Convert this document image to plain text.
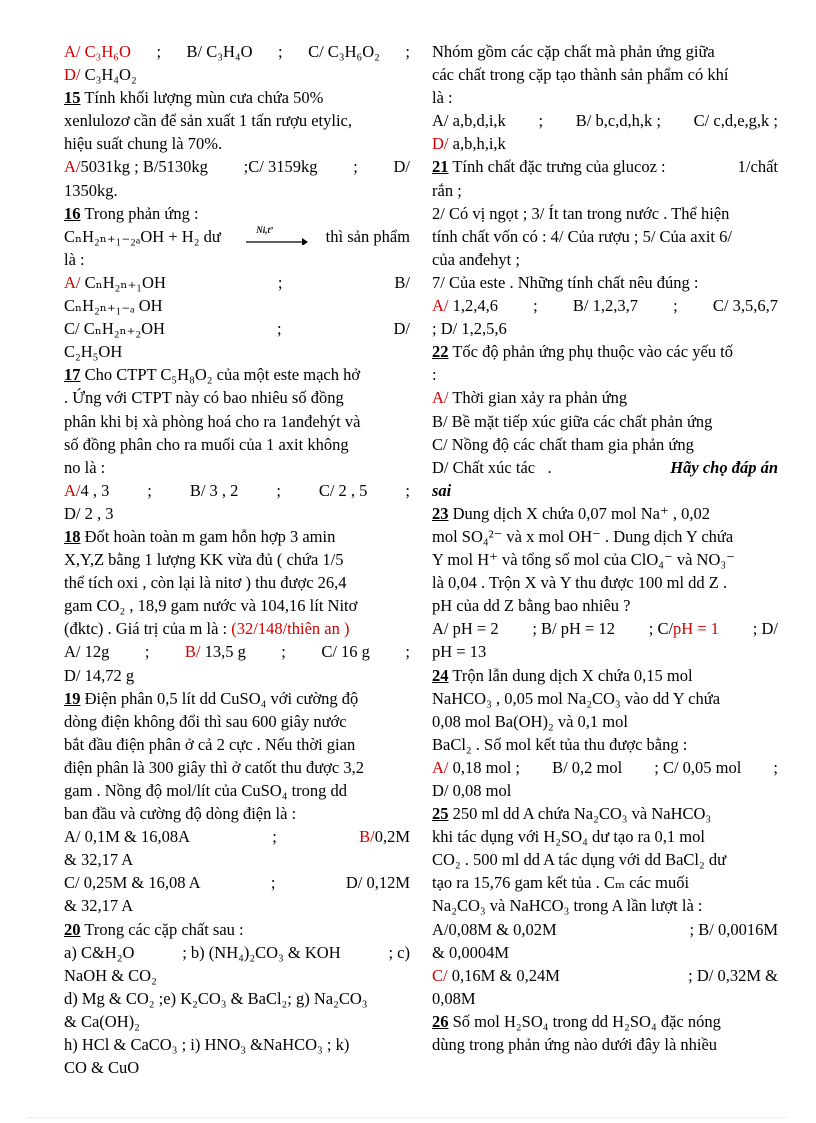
A/ C₃H₆O ; B/ C₃H₄O ; C/ C₃H₆O₂ ;
D/ C₃H₄O₂
15 Tính khối lượng mùn cưa chứa 50%
xenlulozơ cần để sản xuất 1 tấn rượu etylic,
hiệu suất chung là 70%.
A/5031kg ; B/5130kg ;C/ 3159kg ; D/
1350kg.
16 Trong phản ứng :
CₙH₂ₙ₊₁₋₂ₐOH + H₂ dư	Ni,tº	thì sản phẩm
là :
A/ CₙH₂ₙ₊₁OH	;	B/
CₙH₂ₙ₊₁₋ₐ OH
C/ CₙH₂ₙ₊₂OH	;	D/
C₂H₅OH
17 Cho CTPT C₅H₈O₂ của một este mạch hở
. Ứng với CTPT này có bao nhiêu số đồng
phân khi bị xà phòng hoá cho ra 1anđehýt và
số đồng phân cho ra muối của 1 axit không
no là :
A/4 , 3 ; B/ 3 , 2 ; C/ 2 , 5 ;
D/ 2 , 3
18 Đốt hoàn toàn m gam hỗn hợp 3 amin
X,Y,Z bằng 1 lượng KK vừa đủ ( chứa 1/5
thể tích oxi , còn lại là nitơ ) thu được 26,4
gam CO₂ , 18,9 gam nước và 104,16 lít Nitơ
(đktc) . Giá trị của m là : (32/148/thiên an )
A/ 12g ; B/ 13,5 g ; C/ 16 g ;
D/ 14,72 g
19 Điện phân 0,5 lít dd CuSO₄ với cường độ
dòng điện không đổi thì sau 600 giây nước
bắt đầu điện phân ở cả 2 cực . Nếu thời gian
điện phân là 300 giây thì ở catốt thu được 3,2
gam . Nồng độ mol/lít của CuSO₄ trong dd
ban đầu và cường độ dòng điện là :
A/ 0,1M & 16,08A	;	B/0,2M
& 32,17 A
C/ 0,25M & 16,08 A	;	D/ 0,12M
& 32,17 A
20 Trong các cặp chất sau :
a) C&H₂O	; b) (NH₄)₂CO₃ & KOH	; c)
NaOH & CO₂
d) Mg & CO₂ ;e) K₂CO₃ & BaCl₂; g) Na₂CO₃
& Ca(OH)₂
h) HCl & CaCO₃ ; i) HNO₃ &NaHCO₃ ; k)
CO & CuO
Nhóm gồm các cặp chất mà phản ứng giữa
các chất trong cặp tạo thành sản phẩm có khí
là :
A/ a,b,d,i,k ; B/ b,c,d,h,k ; C/ c,d,e,g,k ;
D/ a,b,h,i,k
21 Tính chất đặc trưng của glucoz :	1/chất
rắn ;
2/ Có vị ngọt ; 3/ Ít tan trong nước . Thể hiện
tính chất vốn có : 4/ Của rượu ; 5/ Của axit 6/
của anđehyt ;
7/ Của este . Những tính chất nêu đúng :
A/ 1,2,4,6 ; B/ 1,2,3,7 ; C/ 3,5,6,7
; D/ 1,2,5,6
22 Tốc độ phản ứng phụ thuộc vào các yếu tố
:
A/ Thời gian xảy ra phản ứng
B/ Bề mặt tiếp xúc giữa các chất phản ứng
C/ Nồng độ các chất tham gia phản ứng
D/ Chất xúc tác .	Hãy chọ đáp án
sai
23 Dung dịch X chứa 0,07 mol Na⁺ , 0,02
mol SO₄²⁻ và x mol OH⁻ . Dung dịch Y chứa
Y mol H⁺ và tổng số mol của ClO₄⁻ và NO₃⁻
là 0,04 . Trộn X và Y thu được 100 ml dd Z .
pH của dd Z bằng bao nhiêu ?
A/ pH = 2 ; B/ pH = 12 ; C/pH = 1 ; D/
pH = 13
24 Trộn lẫn dung dịch X chứa 0,15 mol
NaHCO₃ , 0,05 mol Na₂CO₃ vào dd Y chứa
0,08 mol Ba(OH)₂ và 0,1 mol
BaCl₂ . Số mol kết tủa thu được bằng :
A/ 0,18 mol ; B/ 0,2 mol ; C/ 0,05 mol ;
D/ 0,08 mol
25 250 ml dd A chứa Na₂CO₃ và NaHCO₃
khi tác dụng với H₂SO₄ dư tạo ra 0,1 mol
CO₂ . 500 ml dd A tác dụng với dd BaCl₂ dư
tạo ra 15,76 gam kết tủa . Cₘ các muối
Na₂CO₃ và NaHCO₃ trong A lần lượt là :
A/0,08M & 0,02M	; B/ 0,0016M
& 0,0004M
C/ 0,16M & 0,24M	; D/ 0,32M &
0,08M
26 Số mol H₂SO₄ trong dd H₂SO₄ đặc nóng
dùng trong phản ứng nào dưới đây là nhiều
